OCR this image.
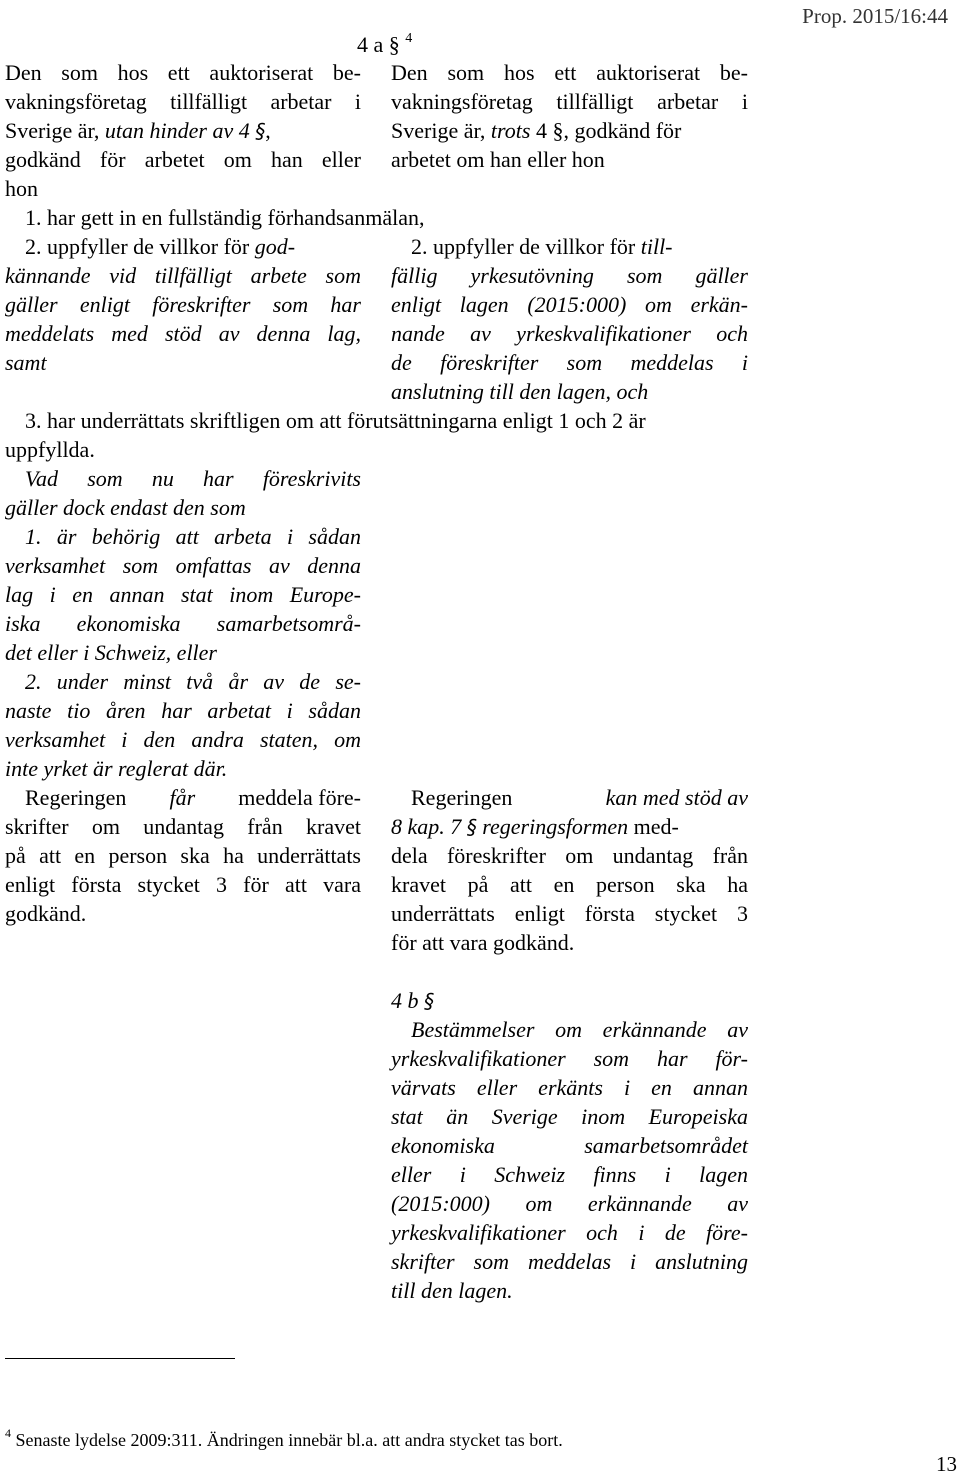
Prop. 2015/16:44
4 a § $^4$
Den som hos ett auktoriserat be-
vakningsföretag tillfälligt arbetar i
Sverige är, utan hinder av 4 §,
godkänd för arbetet om han eller
hon
Den som hos ett auktoriserat be-
vakningsföretag tillfälligt arbetar i
Sverige är, trots 4 §, godkänd för
arbetet om han eller hon
1. har gett in en fullständig förhandsanmälan,
2. uppfyller de villkor för god-
kännande vid tillfälligt arbete som
gäller enligt föreskrifter som har
meddelats med stöd av denna lag,
samt
2. uppfyller de villkor för till-
fällig yrkesutövning som gäller
enligt lagen (2015:000) om erkän-
nande av yrkeskvalifikationer och
de föreskrifter som meddelas i
anslutning till den lagen, och
3. har underrättats skriftligen om att förutsättningarna enligt 1 och 2 är
uppfyllda.
Vad som nu har föreskrivits
gäller dock endast den som
1. är behörig att arbeta i sådan
verksamhet som omfattas av denna
lag i en annan stat inom Europe-
iska ekonomiska samarbetsområ-
det eller i Schweiz, eller
2. under minst två år av de se-
naste tio åren har arbetat i sådan
verksamhet i den andra staten, om
inte yrket är reglerat där.
Regeringen får meddela före-
skrifter om undantag från kravet
på att en person ska ha underrättats
enligt första stycket 3 för att vara
godkänd.
Regeringen	kan med stöd av
8 kap. 7 § regeringsformen med-
dela föreskrifter om undantag från
kravet på att en person ska ha
underrättats enligt första stycket 3
för att vara godkänd.
4 b §
Bestämmelser om erkännande av
yrkeskvalifikationer som har för-
värvats eller erkänts i en annan
stat än Sverige inom Europeiska
ekonomiska samarbetsområdet
eller i Schweiz finns i lagen
(2015:000) om erkännande av
yrkeskvalifikationer och i de före-
skrifter som meddelas i anslutning
till den lagen.
$^4$ Senaste lydelse 2009:311. Ändringen innebär bl.a. att andra stycket tas bort.
13
